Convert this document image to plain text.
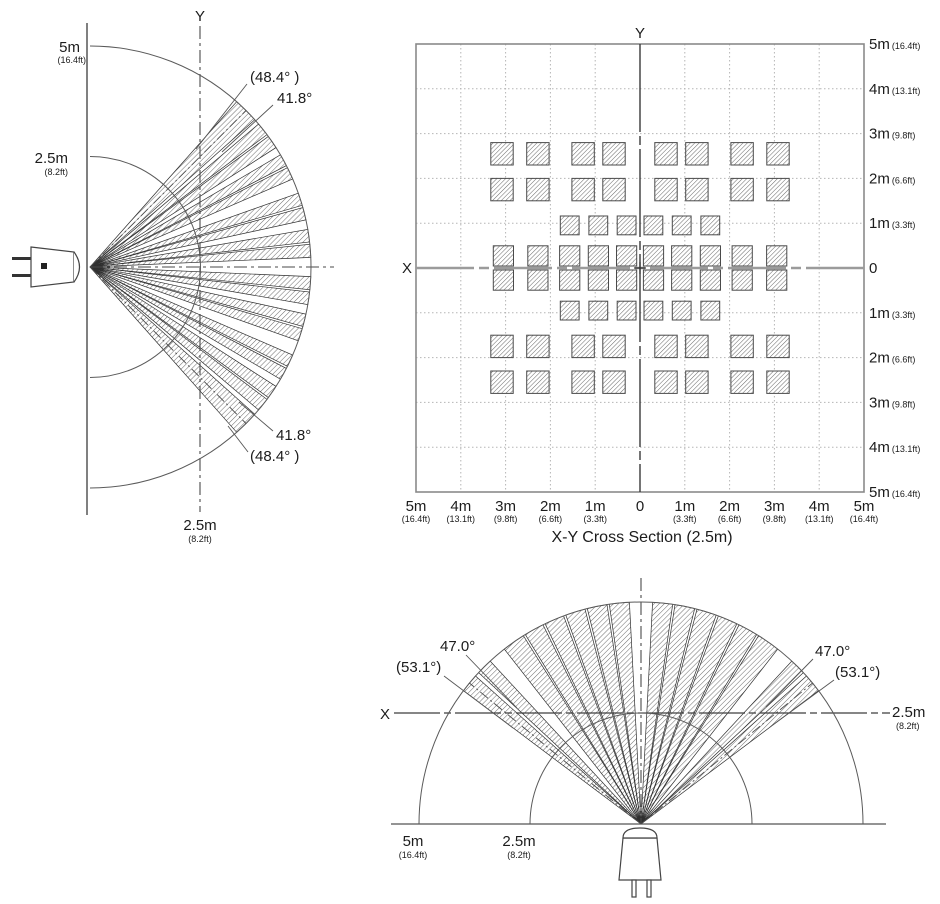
Y
5m
(16.4ft)
2.5m
(8.2ft)
(48.4° )
41.8°
41.8°
(48.4° )
2.5m
(8.2ft)
5m
(16.4ft)
4m
(13.1ft)
3m
(9.8ft)
2m
(6.6ft)
1m
(3.3ft)
0 1m
(3.3ft)
2m
(6.6ft)
3m
(9.8ft)
4m
(13.1ft)
5m
(16.4ft)
5m (16.4ft)
4m (13.1ft)
3m (9.8ft)
2m (6.6ft)
1m (3.3ft)
0
1m (3.3ft)
2m (6.6ft)
3m (9.8ft)
4m (13.1ft)
5m (16.4ft)
Y
X
X-Y Cross Section (2.5m)
X
47.0°
(53.1°)
47.0°
(53.1°)
2.5m
(8.2ft)
5m
(16.4ft)
2.5m
(8.2ft)
